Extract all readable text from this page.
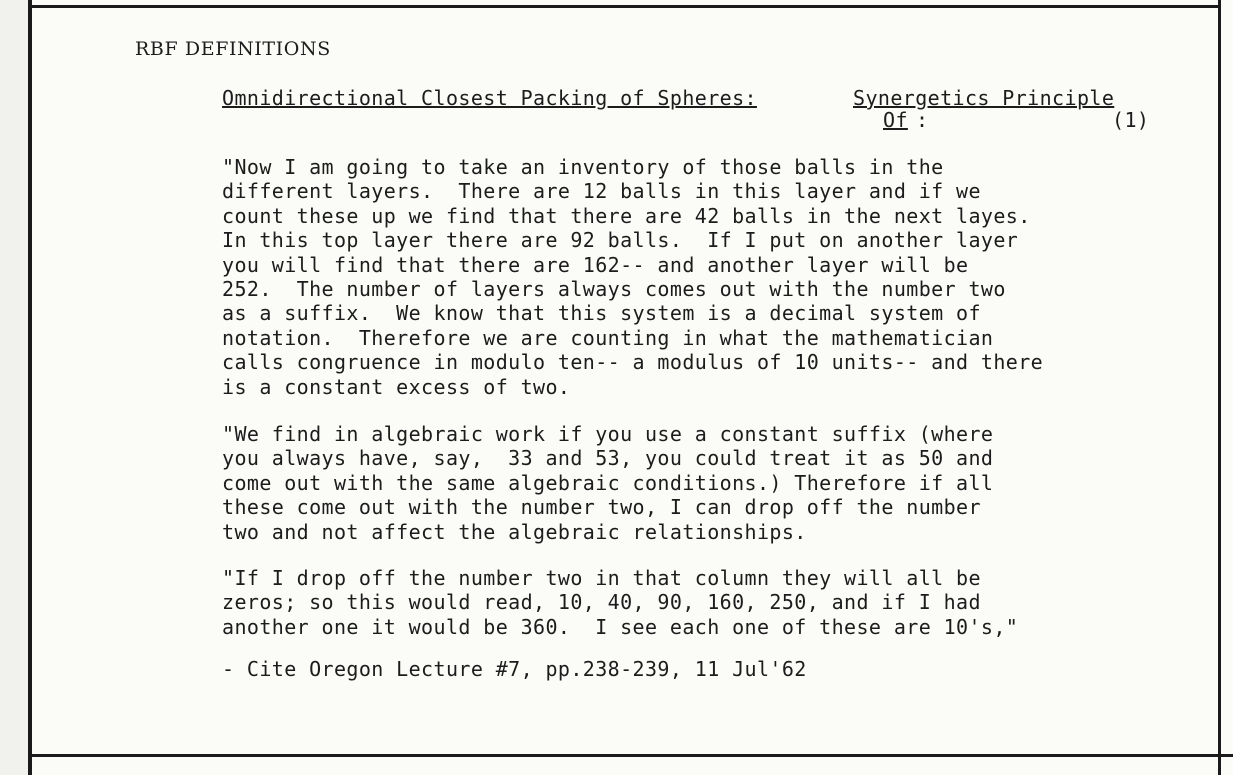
RBF DEFINITIONS
Omnidirectional Closest Packing of Spheres:	Synergetics Principle
Of :	(1)
"Now I am going to take an inventory of those balls in the
different layers.  There are 12 balls in this layer and if we
count these up we find that there are 42 balls in the next layes.
In this top layer there are 92 balls.  If I put on another layer
you will find that there are 162-- and another layer will be
252.  The number of layers always comes out with the number two
as a suffix.  We know that this system is a decimal system of
notation.  Therefore we are counting in what the mathematician
calls congruence in modulo ten-- a modulus of 10 units-- and there
is a constant excess of two.
"We find in algebraic work if you use a constant suffix (where
you always have, say,  33 and 53, you could treat it as 50 and
come out with the same algebraic conditions.) Therefore if all
these come out with the number two, I can drop off the number
two and not affect the algebraic relationships.
"If I drop off the number two in that column they will all be
zeros; so this would read, 10, 40, 90, 160, 250, and if I had
another one it would be 360.  I see each one of these are 10's,"
- Cite Oregon Lecture #7, pp.238-239, 11 Jul'62
